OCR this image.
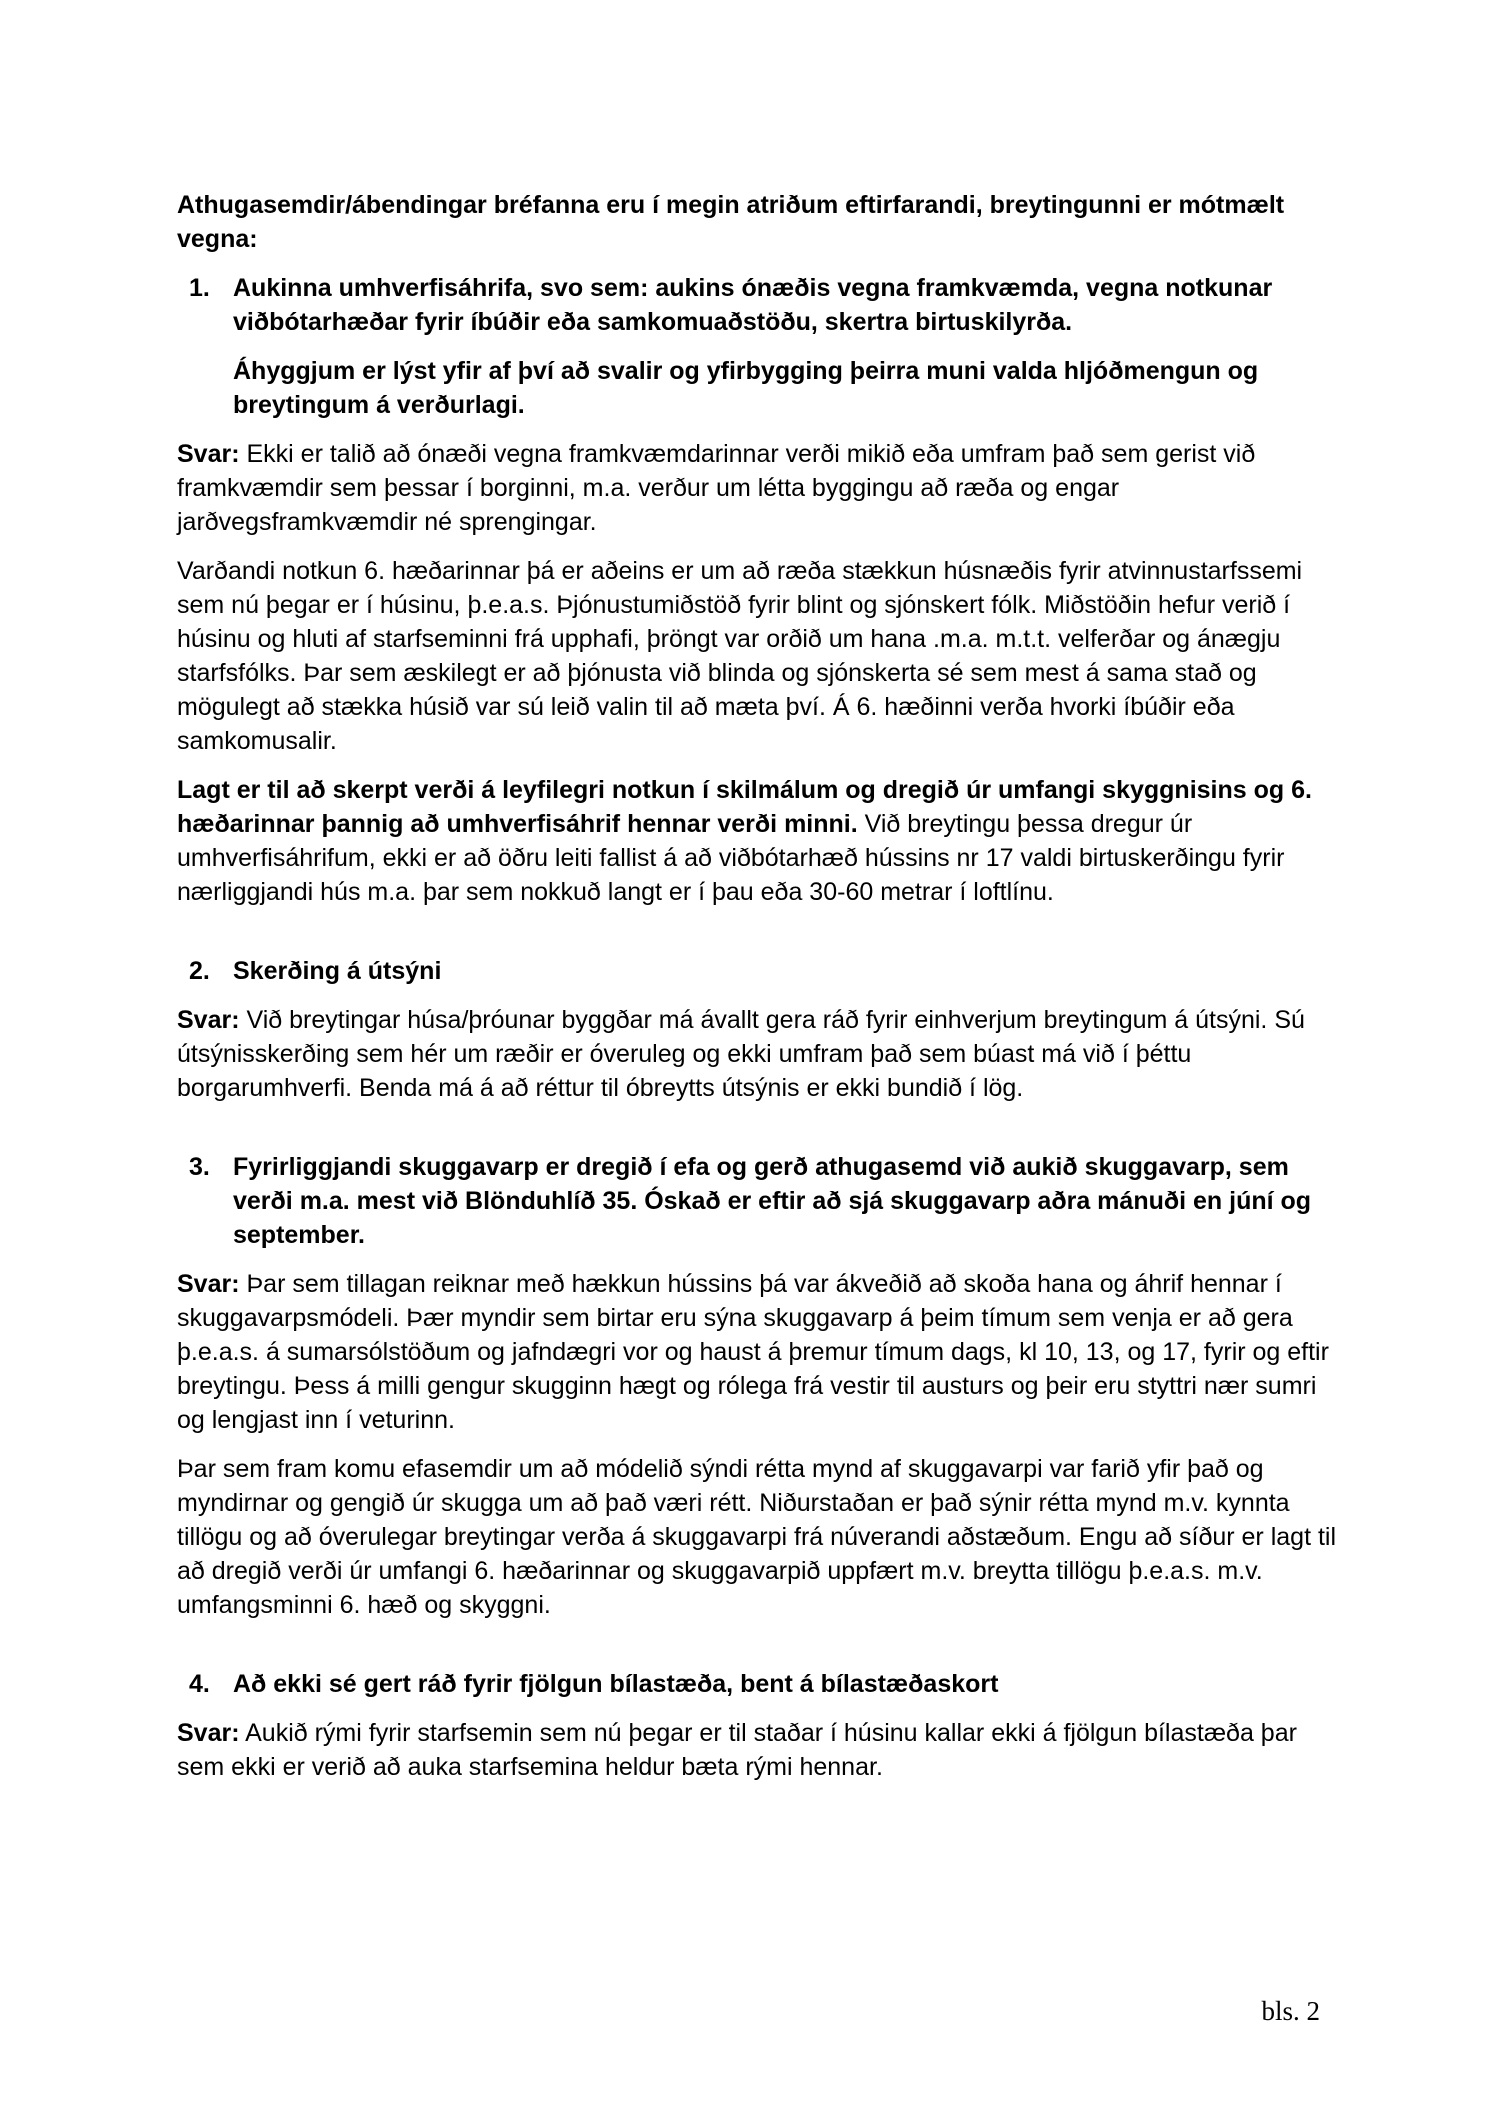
Athugasemdir/ábendingar bréfanna eru í megin atriðum eftirfarandi, breytingunni er mótmælt vegna:

1. Aukinna umhverfisáhrifa, svo sem: aukins ónæðis vegna framkvæmda, vegna notkunar viðbótarhæðar fyrir íbúðir eða samkomuaðstöðu, skertra birtuskilyrða.

Áhyggjum er lýst yfir af því að svalir og yfirbygging þeirra muni valda hljóðmengun og breytingum á verðurlagi.

Svar: Ekki er talið að ónæði vegna framkvæmdarinnar verði mikið eða umfram það sem gerist við framkvæmdir sem þessar í borginni, m.a. verður um létta byggingu að ræða og engar jarðvegsframkvæmdir né sprengingar.

Varðandi notkun 6. hæðarinnar þá er aðeins er um að ræða stækkun húsnæðis fyrir atvinnustarfssemi sem nú þegar er í húsinu, þ.e.a.s. Þjónustumiðstöð fyrir blint og sjónskert fólk. Miðstöðin hefur verið í húsinu og hluti af starfseminni frá upphafi, þröngt var orðið um hana .m.a. m.t.t. velferðar og ánægju starfsfólks. Þar sem æskilegt er að þjónusta við blinda og sjónskerta sé sem mest á sama stað og mögulegt að stækka húsið var sú leið valin til að mæta því. Á 6. hæðinni verða hvorki íbúðir eða samkomusalir.

Lagt er til að skerpt verði á leyfilegri notkun í skilmálum og dregið úr umfangi skyggnisins og 6. hæðarinnar þannig að umhverfisáhrif hennar verði minni. Við breytingu þessa dregur úr umhverfisáhrifum, ekki er að öðru leiti fallist á að viðbótarhæð hússins nr 17 valdi birtuskerðingu fyrir nærliggjandi hús m.a. þar sem nokkuð langt er í þau eða 30-60 metrar í loftlínu.

2. Skerðing á útsýni

Svar: Við breytingar húsa/þróunar byggðar má ávallt gera ráð fyrir einhverjum breytingum á útsýni. Sú útsýnisskerðing sem hér um ræðir er óveruleg og ekki umfram það sem búast má við í þéttu borgarumhverfi. Benda má á að réttur til óbreytts útsýnis er ekki bundið í lög.

3. Fyrirliggjandi skuggavarp er dregið í efa og gerð athugasemd við aukið skuggavarp, sem verði m.a. mest við Blönduhlíð 35. Óskað er eftir að sjá skuggavarp aðra mánuði en júní og september.

Svar: Þar sem tillagan reiknar með hækkun hússins þá var ákveðið að skoða hana og áhrif hennar í skuggavarpsmódeli. Þær myndir sem birtar eru sýna skuggavarp á þeim tímum sem venja er að gera þ.e.a.s. á sumarsólstöðum og jafndægri vor og haust á þremur tímum dags, kl 10, 13, og 17, fyrir og eftir breytingu. Þess á milli gengur skugginn hægt og rólega frá vestir til austurs og þeir eru styttri nær sumri og lengjast inn í veturinn.

Þar sem fram komu efasemdir um að módelið sýndi rétta mynd af skuggavarpi var farið yfir það og myndirnar og gengið úr skugga um að það væri rétt. Niðurstaðan er það sýnir rétta mynd m.v. kynnta tillögu og að óverulegar breytingar verða á skuggavarpi frá núverandi aðstæðum. Engu að síður er lagt til að dregið verði úr umfangi 6. hæðarinnar og skuggavarpið uppfært m.v. breytta tillögu þ.e.a.s. m.v. umfangsminni 6. hæð og skyggni.

4. Að ekki sé gert ráð fyrir fjölgun bílastæða, bent á bílastæðaskort

Svar: Aukið rými fyrir starfsemin sem nú þegar er til staðar í húsinu kallar ekki á fjölgun bílastæða þar sem ekki er verið að auka starfsemina heldur bæta rými hennar.

bls. 2
